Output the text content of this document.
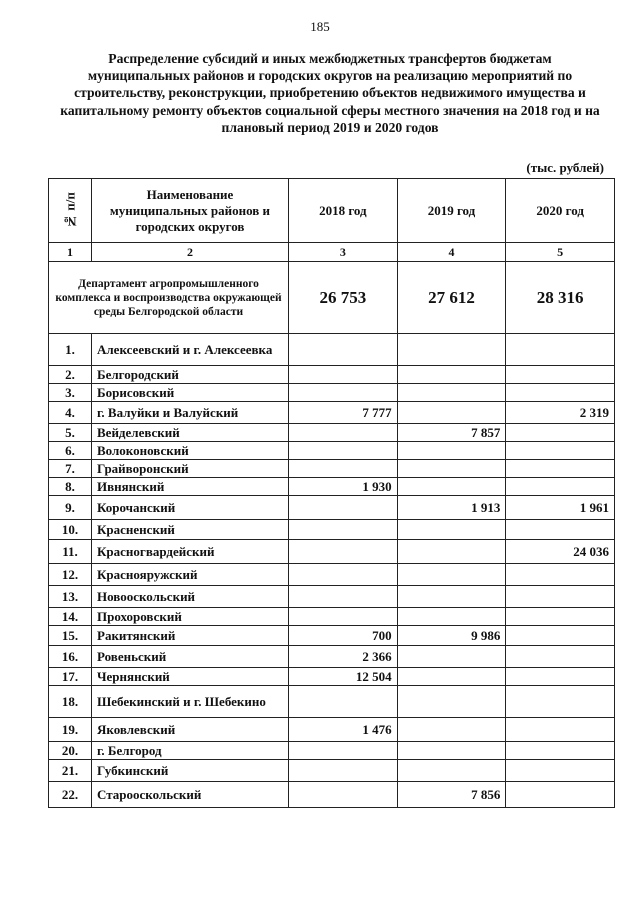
185
Распределение субсидий и иных межбюджетных трансфертов бюджетам муниципальных районов и городских округов на реализацию мероприятий по строительству, реконструкции, приобретению объектов недвижимого имущества и капитальному ремонту объектов социальной сферы местного значения на 2018 год и на плановый период 2019 и 2020 годов
(тыс. рублей)
№ п/п	Наименование муниципальных районов и городских округов	2018 год	2019 год	2020 год
1	2	3	4	5
Департамент агропромышленного комплекса и воспроизводства окружающей среды Белгородской области		26 753	27 612	28 316
1.	Алексеевский и г. Алексеевка			
2.	Белгородский			
3.	Борисовский			
4.	г. Валуйки и Валуйский	7 777		2 319
5.	Вейделевский		7 857	
6.	Волоконовский			
7.	Грайворонский			
8.	Ивнянский	1 930		
9.	Корочанский		1 913	1 961
10.	Красненский			
11.	Красногвардейский			24 036
12.	Краснояружский			
13.	Новооскольский			
14.	Прохоровский			
15.	Ракитянский	700	9 986	
16.	Ровеньский	2 366		
17.	Чернянский	12 504		
18.	Шебекинский и г. Шебекино			
19.	Яковлевский	1 476		
20.	г. Белгород			
21.	Губкинский			
22.	Старооскольский		7 856	
